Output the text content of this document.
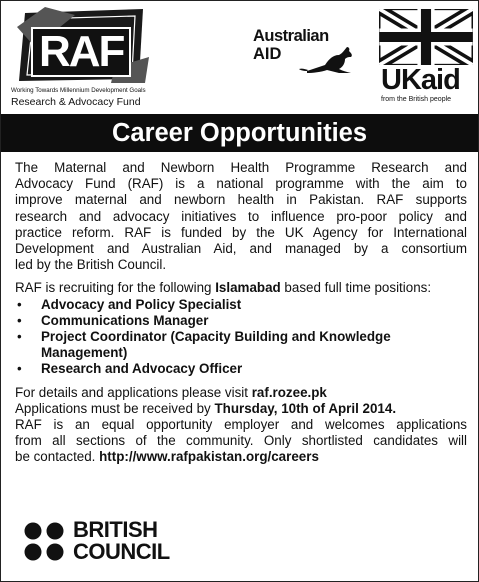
RAF
Working Towards Millennium Development Goals
Research & Advocacy Fund
Australian
AID
UKaid
from the British people
Career Opportunities
The Maternal and Newborn Health Programme Research and
Advocacy Fund (RAF) is a national programme with the aim to
improve maternal and newborn health in Pakistan. RAF supports
research and advocacy initiatives to influence pro-poor policy and
practice reform. RAF is funded by the UK Agency for International
Development and Australian Aid, and managed by a consortium
led by the British Council.
RAF is recruiting for the following Islamabad based full time positions:
• Advocacy and Policy Specialist
• Communications Manager
• Project Coordinator (Capacity Building and Knowledge Management)
• Research and Advocacy Officer
For details and applications please visit raf.rozee.pk
Applications must be received by Thursday, 10th of April 2014.
RAF is an equal opportunity employer and welcomes applications
from all sections of the community. Only shortlisted candidates will
be contacted. http://www.rafpakistan.org/careers
BRITISH
COUNCIL
